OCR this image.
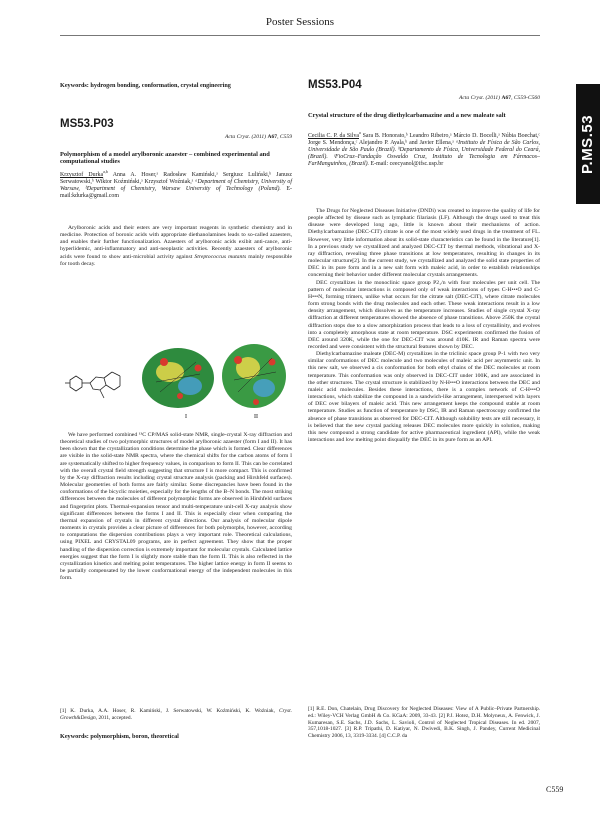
Poster Sessions
P.MS.53
Keywords: hydrogen bonding, conformation, crystal engineering
MS53.P03
Acta Cryst. (2011) A67, C559
Polymorphism of a model arylboronic azaester – combined experimental and computational studies
Krzysztof Durka$^{a,b}$ Anna A. Hoser,ᵃ Radosław Kamiński,ᵃ Sergiusz Luliński,ᵇ Janusz Serwatowski,ᵇ Wiktor Koźmiński,ᵃ Krzysztof Woźniak,ᵃ ᵃDepartment of Chemistry, University of Warsaw, ᵇDepartment of Chemistry, Warsaw University of Technology (Poland). E-mail:kdurka@gmail.com

Arylboronic acids and their esters are very important reagents in synthetic chemistry and in medicine. Protection of boronic acids with appropriate diethanolamines leads to so-called azaesters, and enables their further functionalization. Azaesters of arylboronic acids exibit anti-cance, anti-hyperlidemic, anti-inflammatory and anti-neoplastic activities. Recently azaesters of arylboronic acids were found to show anti-microbial activity against Streptococcus mutants mainly responsible for tooth decay.

I	II

We have performed combined ¹³C CP/MAS solid-state NMR, single-crystal X-ray diffraction and theoretical studies of two polymorphic structures of model arylboronic azaester (form I and II). It has been shown that the crystallization conditions determine the phase which is formed. Clear differences are visible in the solid-state NMR spectra, where the chemical shifts for the carbon atoms of form I are systematically shifted to higher frequency values, in comparison to form II. This can be correlated with the overall crystal field strength suggesting that structure I is more compact. This is confirmed by the X-ray diffraction results including crystal structure analysis (packing and Hirshfeld surfaces). Molecular geometries of both forms are fairly similar. Some discrepancies have been found in the conformations of the bicyclic moieties, especially for the lengths of the B–N bonds. The most striking differences between the molecules of different polymorphic forms are observed in Hirshfeld surfaces and fingerprint plots. Thermal-expansion tensor and multi-temperature unit-cell X-ray analysis show significant differences between the forms I and II. This is especially clear when comparing the thermal expansion of crystals in different crystal directions. Our analysis of molecular dipole moments in crystals provides a clear picture of differences for both polymorphs, however, according to computations the dispersion contributions plays a very important role. Theoretical calculations, using PIXEL and CRYSTAL09 programs, are in perfect agreement. They show that the proper handling of the dispersion correction is extremely important for molecular crystals. Calculated lattice energies suggest that the form I is slightly more stable than the form II. This is also reflected in the crystallization kinetics and melting point temperatures. The higher lattice energy in form II seems to be partially compensated by the lower conformational energy of the independent molecules in this form.

[1] K. Durka, A.A. Hoser, R. Kamiński, J. Serwatowski, W. Koźmiński, K. Woźniak, Cryst. Growth&Design, 2011, accepted.
Keywords: polymorphism, boron, theoretical
MS53.P04
Acta Cryst. (2011) A67, C559-C560
Crystal structure of the drug diethylcarbamazine and a new maleate salt
Cecilia C. P. da Silva$^a$ Sara B. Honorato,ᵇ Leandro Ribeiro,ᵃ Márcio D. Bocelli,ᵃ Núbia Boechat,ᶜ Jorge S. Mendonça,ᶜ Alejandro P. Ayala,ᵇ and Javier Ellena,ᵃ ᵃInstituto de Física de São Carlos, Universidade de São Paulo (Brazil). ᵇDepartamento de Física, Universidade Federal do Ceará, (Brazil). ᶜFioCruz–Fundação Oswaldo Cruz, Instituto de Tecnologia em Fármacos–FarManguinhos, (Brazil). E-mail: ceecyanol@ifsc.usp.br

The Drugs for Neglected Diseases Initiative (DNDi) was created to improve the quality of life for people affected by disease such as lymphatic filariasis (LF). Although the drugs used to treat this disease were developed long ago, little is known about their mechanisms of action. Diethylcarbamazine (DEC-CIT) citrate is one of the most widely used drugs in the treatment of FL. However, very little information about its solid-state characteristics can be found in the literature[1]. In a previous study we crystallized and analyzed DEC-CIT by thermal methods, vibrational and X-ray diffraction, revealing three phase transitions at low temperatures, resulting in changes in its molecular structure[2]. In the current study, we crystallized and analyzed the solid state properties of DEC in its pure form and in a new salt form with maleic acid, in order to establish relationships concerning their behavior under different molecular crystals arrangements.

DEC crystallizes in the monoclinic space group P2₁/n with four molecules per unit cell. The pattern of molecular interactions is composed only of weak interactions of types C-H•••O and C-H•••N, forming trimers, unlike what occurs for the citrate salt (DEC-CIT), where citrate molecules form strong bonds with the drug molecules and each other. These weak interactions result in a low density arrangement, which dissolves as the temperature increases. Studies of single crystal X-ray diffraction at different temperatures showed the absence of phase transitions. Above 250K the crystal diffraction stops due to a slow amorphization process that leads to a loss of crystallinity, and evolves into a completely amorphous state at room temperature. DSC experiments confirmed the fusion of DEC around 320K, while the one for DEC-CIT was around 410K. IR and Raman spectra were recorded and were consistent with the structural features shown by DEC.

Diethylcarbamazine maleate (DEC-M) crystallizes in the triclinic space group P-1 with two very similar conformations of DEC molecule and two molecules of maleic acid per asymmetric unit. In this new salt, we observed a cis conformation for both ethyl chains of the DEC molecules at room temperature. This conformation was only observed in DEC-CIT under 100K, and are associated in the other structures. The crystal structure is stabilized by N-H•••O interactions between the DEC and maleic acid molecules. Besides these interactions, there is a complex network of C-H•••O interactions, which stabilize the compound in a sandwich-like arrangement, interspersed with layers of DEC over bilayers of maleic acid. This new arrangement keeps the compound stable at room temperature. Studies as function of temperature by DSC, IR and Raman spectroscopy confirmed the absence of phase transitions as observed for DEC-CIT. Although solubility tests are still necessary, it is believed that the new crystal packing releases DEC molecules more quickly in solution, making this new compound a strong candidate for active pharmaceutical ingredient (API), while the weak interactions and low melting point disqualify the DEC in its pure form as an API.

[1] R.E. Don, Chatelain, Drug Discovery for Neglected Diseases: View of A Public–Private Partnership. ed.: Wiley-VCH Verlag GmbH & Co. KGaA: 2009, 33-43. [2] P.J. Hotez, D.H. Molyneux, A. Fenwick, J. Kumaresan, S.E. Sachs, J.D. Sachs, L. Savioli, Control of Neglected Tropical Diseases. In ed. 2007, 357,1018-1027. [3] R.P. Tripathi, D. Katiyar, N. Dwivedi, B.K. Singh, J. Pandey, Current Medicinal Chemistry 2006, 13, 3319-3334. [4] C.C.P. da
C559
